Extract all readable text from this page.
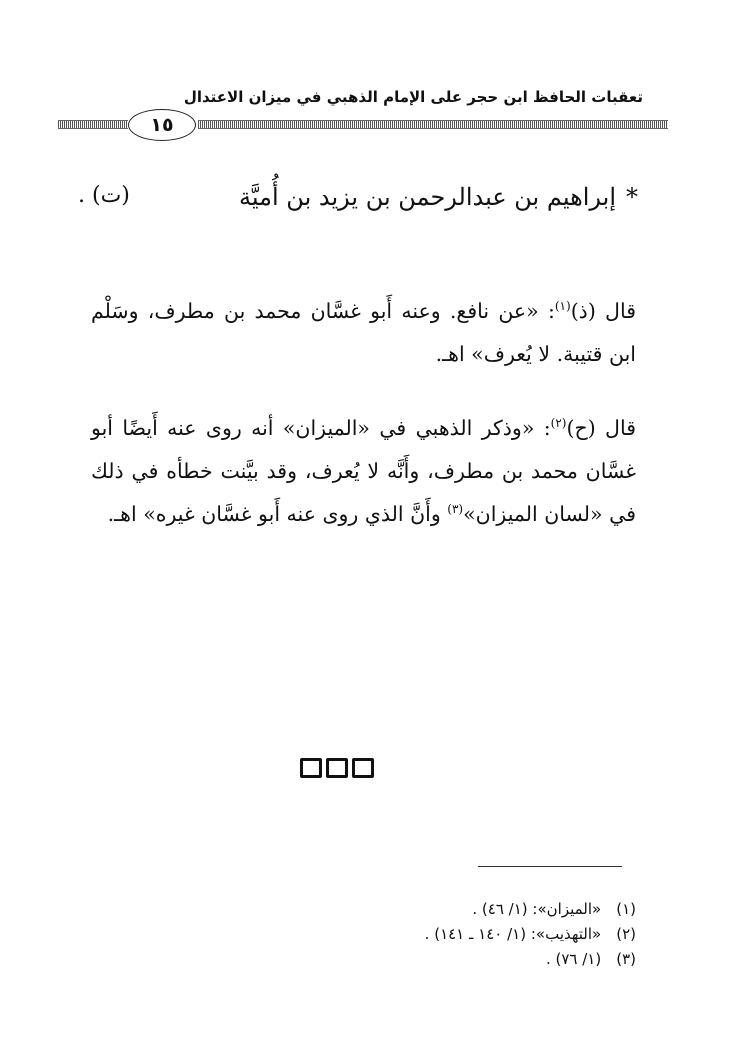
تعقبات الحافظ ابن حجر على الإمام الذهبي في ميزان الاعتدال
١٥
*إبراهيم بن عبدالرحمن بن يزيد بن أُميَّة
(ت) .
قال (ذ)$^{(١)}$: «عن نافع. وعنه أَبو غسَّان محمد بن مطرف، وسَلْم ابن قتيبة. لا يُعرف» اهـ.
قال (ح)$^{(٢)}$: «وذكر الذهبي في «الميزان» أنه روى عنه أَيضًا أبو غسَّان محمد بن مطرف، وأَنَّه لا يُعرف، وقد بيَّنت خطأه في ذلك في «لسان الميزان»$^{(٣)}$ وأَنَّ الذي روى عنه أَبو غسَّان غيره» اهـ.
(١) «الميزان»: (١/ ٤٦) .
(٢) «التهذيب»: (١/ ١٤٠ ـ ١٤١) .
(٣) (١/ ٧٦) .
